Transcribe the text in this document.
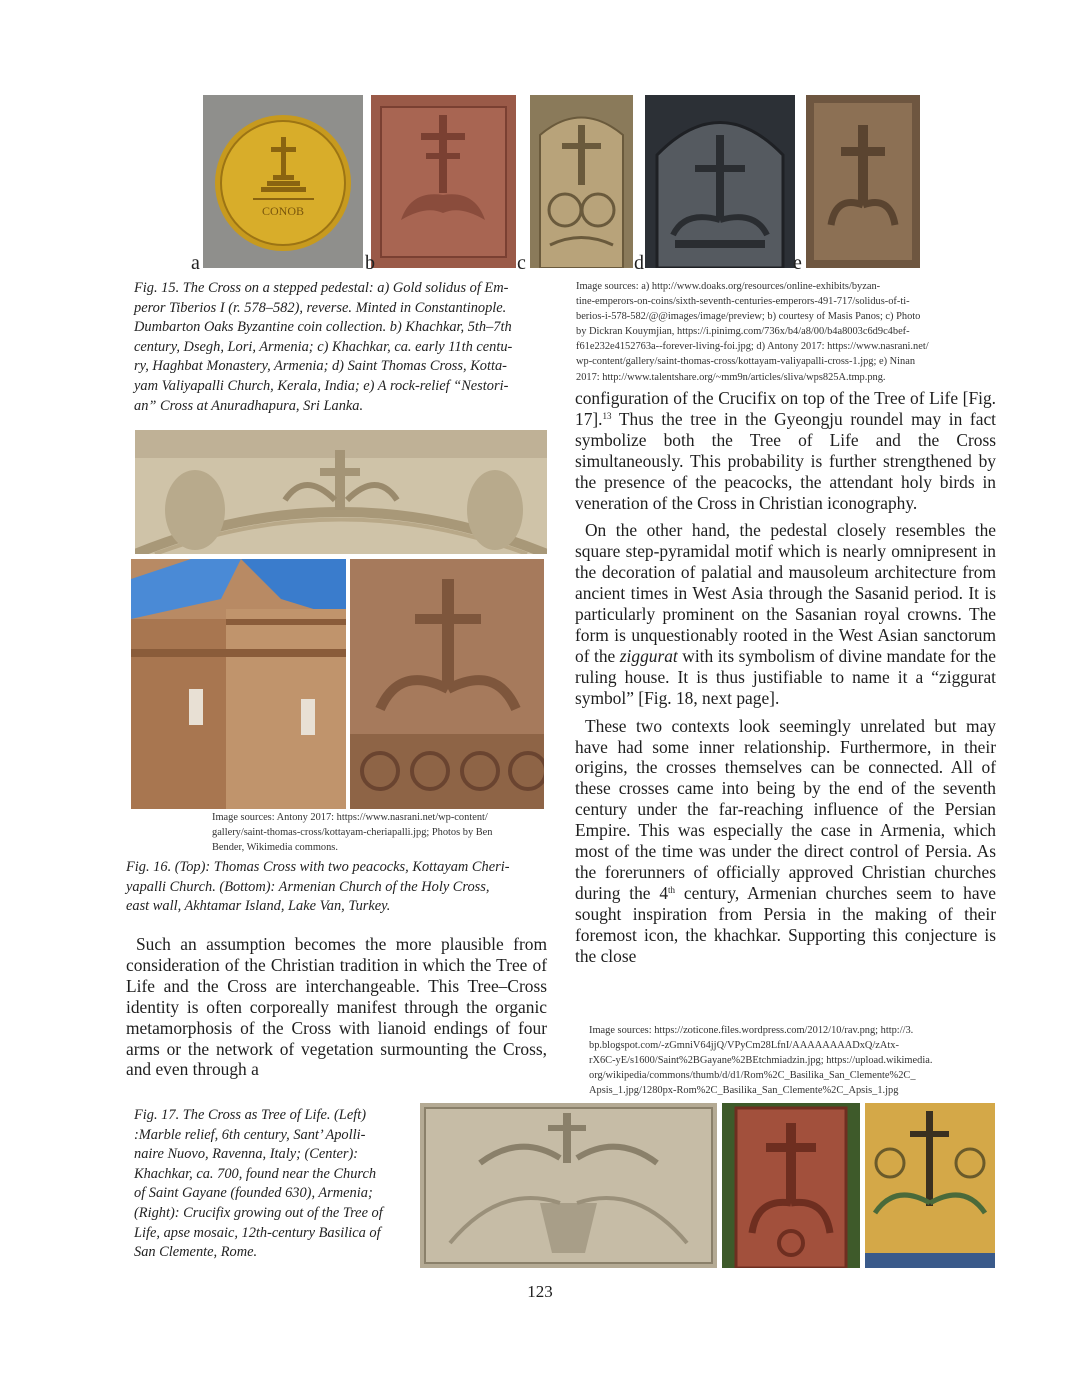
CONOB
a	b	c	d	e
Fig. 15. The Cross on a stepped pedestal: a) Gold solidus of Em-
peror Tiberios I (r. 578–582), reverse. Minted in Constantinople.
Dumbarton Oaks Byzantine coin collection. b) Khachkar, 5th–7th
century, Dsegh, Lori, Armenia; c) Khachkar, ca. early 11th centu-
ry, Haghbat Monastery, Armenia; d) Saint Thomas Cross, Kotta-
yam Valiyapalli Church, Kerala, India; e) A rock-relief “Nestori-
an” Cross at Anuradhapura, Sri Lanka.
Image sources: a) http://www.doaks.org/resources/online-exhibits/byzan-
tine-emperors-on-coins/sixth-seventh-centuries-emperors-491-717/solidus-of-ti-
berios-i-578-582/@@images/image/preview; b) courtesy of Masis Panos; c) Photo
by Dickran Kouymjian, https://i.pinimg.com/736x/b4/a8/00/b4a8003c6d9c4bef-
f61e232e4152763a--forever-living-foi.jpg; d) Antony 2017: https://www.nasrani.net/
wp-content/gallery/saint-thomas-cross/kottayam-valiyapalli-cross-1.jpg; e) Ninan
2017: http://www.talentshare.org/~mm9n/articles/sliva/wps825A.tmp.png.
Image sources: Antony 2017: https://www.nasrani.net/wp-content/
gallery/saint-thomas-cross/kottayam-cheriapalli.jpg; Photos by Ben
Bender, Wikimedia commons.
Fig. 16. (Top): Thomas Cross with two peacocks, Kottayam Cheri-
yapalli Church. (Bottom): Armenian Church of the Holy Cross,
east wall, Akhtamar Island, Lake Van, Turkey.

Such an assumption becomes the more plausible from consideration of the Christian tradition in which the Tree of Life and the Cross are interchangeable. This Tree–Cross identity is often corporeally manifest through the organic metamorphosis of the Cross with lianoid endings of four arms or the network of vegetation surmounting the Cross, and even through a

configuration of the Crucifix on top of the Tree of Life [Fig. 17].$^{13}$ Thus the tree in the Gyeongju roundel may in fact symbolize both the Tree of Life and the Cross simultaneously. This probability is further strengthened by the presence of the peacocks, the attendant holy birds in veneration of the Cross in Christian iconography.

On the other hand, the pedestal closely resembles the square step-pyramidal motif which is nearly omnipresent in the decoration of palatial and mausoleum architecture from ancient times in West Asia through the Sasanid period. It is particularly prominent on the Sasanian royal crowns. The form is unquestionably rooted in the West Asian sanctorum of the ziggurat with its symbolism of divine mandate for the ruling house. It is thus justifiable to name it a “ziggurat symbol” [Fig. 18, next page].

These two contexts look seemingly unrelated but may have had some inner relationship. Furthermore, in their origins, the crosses themselves can be connected. All of these crosses came into being by the end of the seventh century under the far-reaching influence of the Persian Empire. This was especially the case in Armenia, which most of the time was under the direct control of Persia. As the forerunners of officially approved Christian churches during the 4th century, Armenian churches seem to have sought inspiration from Persia in the making of their foremost icon, the khachkar. Supporting this conjecture is the close

Image sources: https://zoticone.files.wordpress.com/2012/10/rav.png; http://3.
bp.blogspot.com/-zGmniV64jjQ/VPyCm28LfnI/AAAAAAAADxQ/zAtx-
rX6C-yE/s1600/Saint%2BGayane%2BEtchmiadzin.jpg; https://upload.wikimedia.
org/wikipedia/commons/thumb/d/d1/Rom%2C_Basilika_San_Clemente%2C_
Apsis_1.jpg/1280px-Rom%2C_Basilika_San_Clemente%2C_Apsis_1.jpg
Fig. 17. The Cross as Tree of Life. (Left)
:Marble relief, 6th century, Sant’ Apolli-
naire Nuovo, Ravenna, Italy; (Center):
Khachkar, ca. 700, found near the Church
of Saint Gayane (founded 630), Armenia;
(Right): Crucifix growing out of the Tree of
Life, apse mosaic, 12th-century Basilica of
San Clemente, Rome.
123
